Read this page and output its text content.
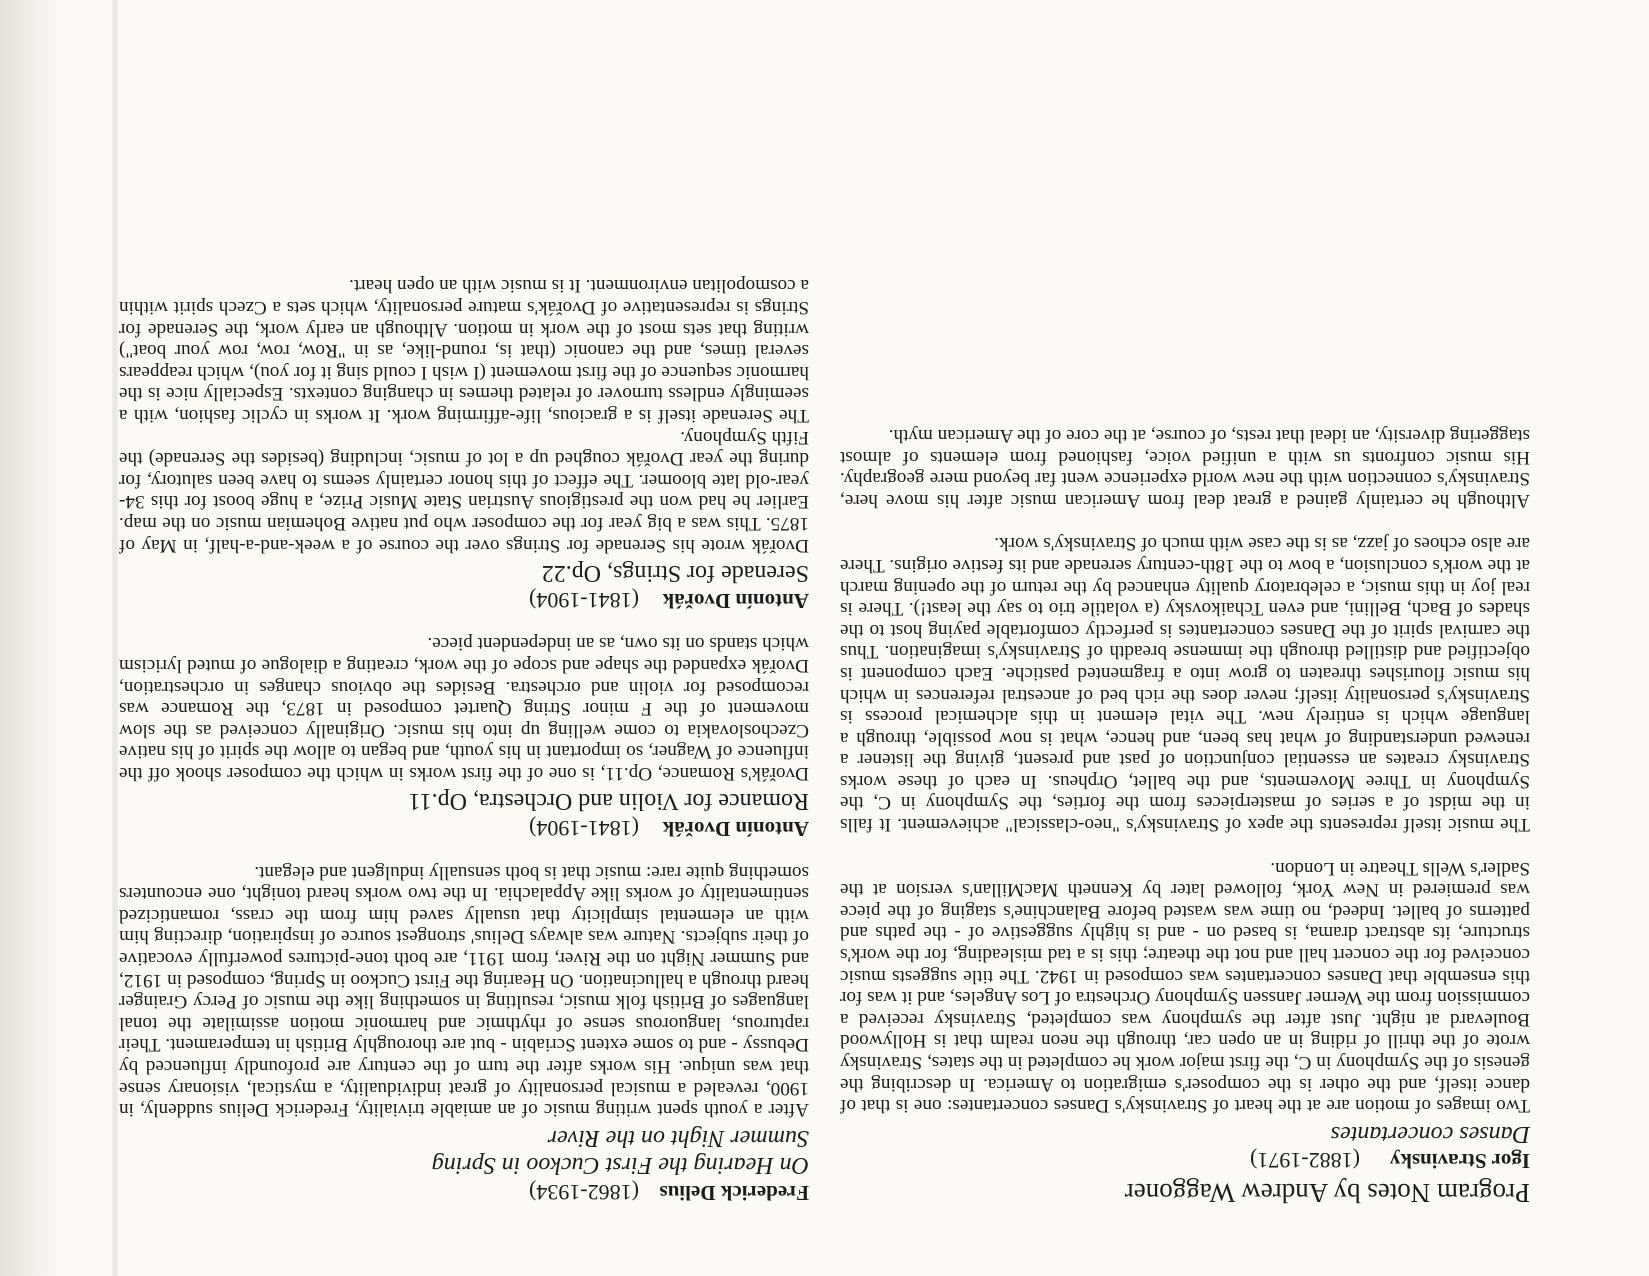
Program Notes by Andrew Waggoner
Igor Stravinsky
(1882-1971)
Danses concertantes

Two images of motion are at the heart of Stravinsky's Danses concertantes: one is that of dance itself, and the other is the composer's emigration to America. In describing the genesis of the Symphony in C, the first major work he completed in the states, Stravinsky wrote of the thrill of riding in an open car, through the neon realm that is Hollywood Boulevard at night. Just after the symphony was completed, Stravinsky received a commission from the Werner Janssen Symphony Orchestra of Los Angeles, and it was for this ensemble that Danses concertantes was composed in 1942. The title suggests music conceived for the concert hall and not the theatre; this is a tad misleading, for the work's structure, its abstract drama, is based on - and is highly suggestive of - the paths and patterns of ballet. Indeed, no time was wasted before Balanchine's staging of the piece was premiered in New York, followed later by Kenneth MacMillan's version at the Sadler's Wells Theatre in London.

The music itself represents the apex of Stravinsky's "neo-classical" achievement. It falls in the midst of a series of masterpieces from the forties, the Symphony in C, the Symphony in Three Movements, and the ballet, Orpheus. In each of these works Stravinsky creates an essential conjunction of past and present, giving the listener a renewed understanding of what has been, and hence, what is now possible, through a language which is entirely new. The vital element in this alchemical process is Stravinsky's personality itself; never does the rich bed of ancestral references in which his music flourishes threaten to grow into a fragmented pastiche. Each component is objectified and distilled through the immense breadth of Stravinsky's imagination. Thus the carnival spirit of the Danses concertantes is perfectly comfortable paying host to the shades of Bach, Bellini, and even Tchaikovsky (a volatile trio to say the least!). There is real joy in this music, a celebratory quality enhanced by the return of the opening march at the work's conclusion, a bow to the 18th-century serenade and its festive origins. There are also echoes of jazz, as is the case with much of Stravinsky's work.

Although he certainly gained a great deal from American music after his move here, Stravinsky's connection with the new world experience went far beyond mere geography. His music confronts us with a unified voice, fashioned from elements of almost staggering diversity, an ideal that rests, of course, at the core of the American myth.

Frederick Delius
(1862-1934)
On Hearing the First Cuckoo in Spring
Summer Night on the River

After a youth spent writing music of an amiable triviality, Frederick Delius suddenly, in 1900, revealed a musical personality of great individuality, a mystical, visionary sense that was unique. His works after the turn of the century are profoundly influenced by Debussy - and to some extent Scriabin - but are thoroughly British in temperament. Their rapturous, languorous sense of rhythmic and harmonic motion assimilate the tonal languages of British folk music, resulting in something like the music of Percy Grainger heard through a hallucination. On Hearing the First Cuckoo in Spring, composed in 1912, and Summer Night on the River, from 1911, are both tone-pictures powerfully evocative of their subjects. Nature was always Delius' strongest source of inspiration, directing him with an elemental simplicity that usually saved him from the crass, romanticized sentimentality of works like Appalachia. In the two works heard tonight, one encounters something quite rare: music that is both sensually indulgent and elegant.

Antonín Dvořák
(1841-1904)
Romance for Violin and Orchestra, Op.11

Dvořák's Romance, Op.11, is one of the first works in which the composer shook off the influence of Wagner, so important in his youth, and began to allow the spirit of his native Czechoslovakia to come welling up into his music. Originally conceived as the slow movement of the F minor String Quartet composed in 1873, the Romance was recomposed for violin and orchestra. Besides the obvious changes in orchestration, Dvořák expanded the shape and scope of the work, creating a dialogue of muted lyricism which stands on its own, as an independent piece.

Antonín Dvořák
(1841-1904)
Serenade for Strings, Op.22

Dvořák wrote his Serenade for Strings over the course of a week-and-a-half, in May of 1875. This was a big year for the composer who put native Bohemian music on the map. Earlier he had won the prestigious Austrian State Music Prize, a huge boost for this 34-year-old late bloomer. The effect of this honor certainly seems to have been salutory, for during the year Dvořák coughed up a lot of music, including (besides the Serenade) the Fifth Symphony.

The Serenade itself is a gracious, life-affirming work. It works in cyclic fashion, with a seemingly endless turnover of related themes in changing contexts. Especially nice is the harmonic sequence of the first movement (I wish I could sing it for you), which reappears several times, and the canonic (that is, round-like, as in "Row, row, row your boat") writing that sets most of the work in motion. Although an early work, the Serenade for Strings is representative of Dvořák's mature personality, which sets a Czech spirit within a cosmopolitan environment. It is music with an open heart.
